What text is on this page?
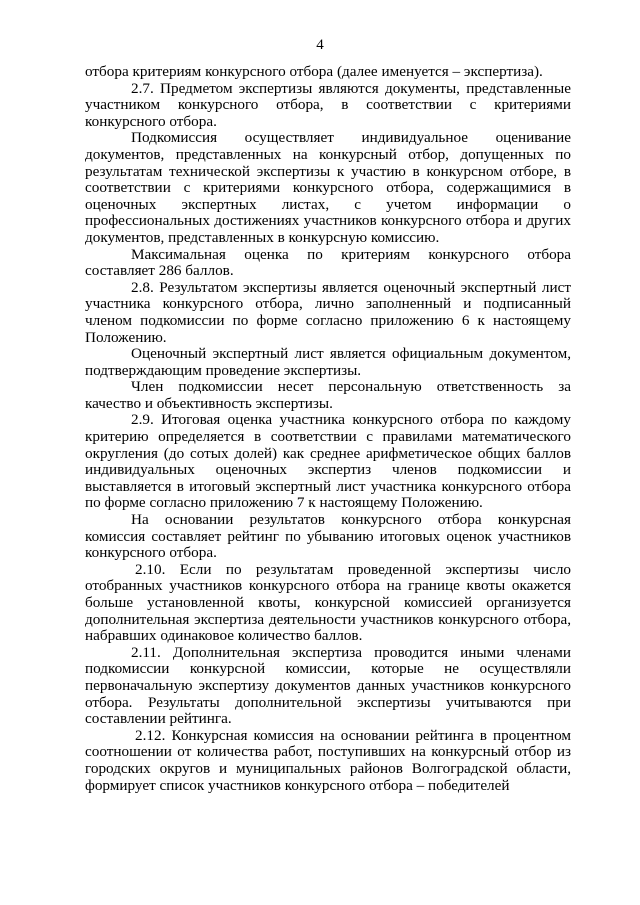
4

отбора критериям конкурсного отбора (далее именуется – экспертиза).

2.7. Предметом экспертизы являются документы, представленные участником конкурсного отбора, в соответствии с критериями конкурсного отбора.

Подкомиссия осуществляет индивидуальное оценивание документов, представленных на конкурсный отбор, допущенных по результатам технической экспертизы к участию в конкурсном отборе, в соответствии с критериями конкурсного отбора, содержащимися в оценочных экспертных листах, с учетом информации о профессиональных достижениях участников конкурсного отбора и других документов, представленных в конкурсную комиссию.

Максимальная оценка по критериям конкурсного отбора составляет 286 баллов.

2.8. Результатом экспертизы является оценочный экспертный лист участника конкурсного отбора, лично заполненный и подписанный членом подкомиссии по форме согласно приложению 6 к настоящему Положению.

Оценочный экспертный лист является официальным документом, подтверждающим проведение экспертизы.

Член подкомиссии несет персональную ответственность за качество и объективность экспертизы.

2.9. Итоговая оценка участника конкурсного отбора по каждому критерию определяется в соответствии с правилами математического округления (до сотых долей) как среднее арифметическое общих баллов индивидуальных оценочных экспертиз членов подкомиссии и выставляется в итоговый экспертный лист участника конкурсного отбора по форме согласно приложению 7 к настоящему Положению.

На основании результатов конкурсного отбора конкурсная комиссия составляет рейтинг по убыванию итоговых оценок участников конкурсного отбора.

2.10. Если по результатам проведенной экспертизы число отобранных участников конкурсного отбора на границе квоты окажется больше установленной квоты, конкурсной комиссией организуется дополнительная экспертиза деятельности участников конкурсного отбора, набравших одинаковое количество баллов.

2.11. Дополнительная экспертиза проводится иными членами подкомиссии конкурсной комиссии, которые не осуществляли первоначальную экспертизу документов данных участников конкурсного отбора. Результаты дополнительной экспертизы учитываются при составлении рейтинга.

2.12. Конкурсная комиссия на основании рейтинга в процентном соотношении от количества работ, поступивших на конкурсный отбор из городских округов и муниципальных районов Волгоградской области, формирует список участников конкурсного отбора – победителей
